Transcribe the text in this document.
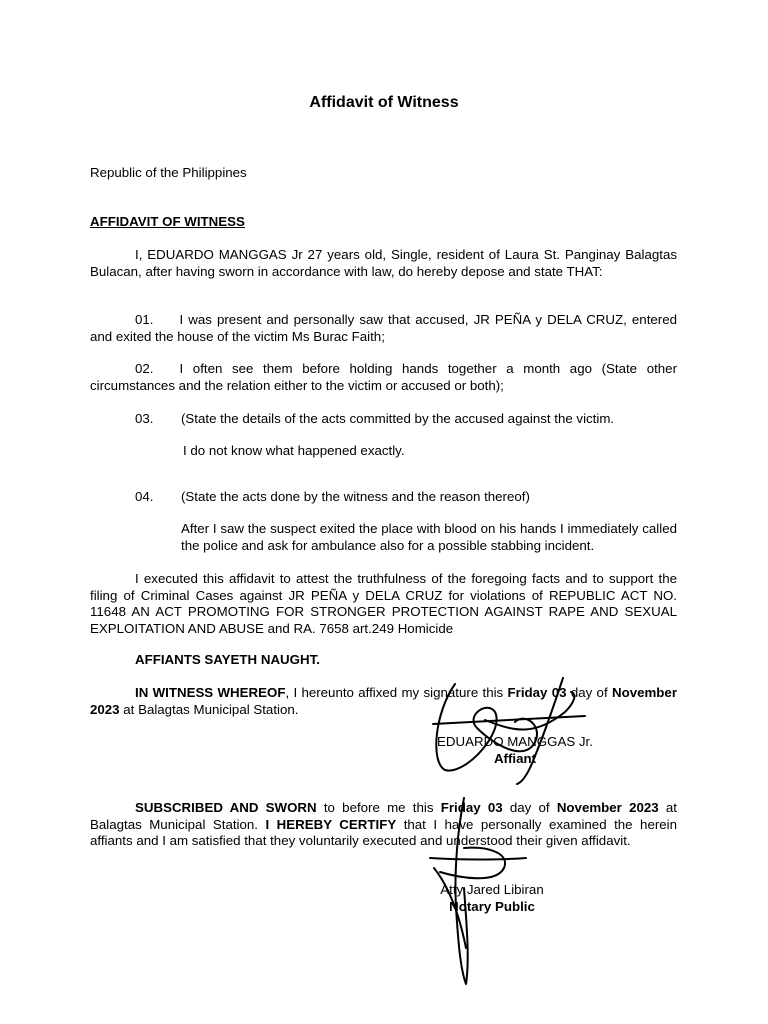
Affidavit of Witness
Republic of the Philippines
AFFIDAVIT OF WITNESS
I, EDUARDO MANGGAS Jr 27 years old, Single, resident of Laura St. Panginay Balagtas Bulacan, after having sworn in accordance with law, do hereby depose and state THAT:
01. I was present and personally saw that accused, JR PEÑA y DELA CRUZ, entered and exited the house of the victim Ms Burac Faith;
02. I often see them before holding hands together a month ago (State other circumstances and the relation either to the victim or accused or both);
03. (State the details of the acts committed by the accused against the victim.
I do not know what happened exactly.
04. (State the acts done by the witness and the reason thereof)
After I saw the suspect exited the place with blood on his hands I immediately called the police and ask for ambulance also for a possible stabbing incident.
I executed this affidavit to attest the truthfulness of the foregoing facts and to support the filing of Criminal Cases against JR PEÑA y DELA CRUZ for violations of REPUBLIC ACT NO. 11648 AN ACT PROMOTING FOR STRONGER PROTECTION AGAINST RAPE AND SEXUAL EXPLOITATION AND ABUSE and RA. 7658 art.249 Homicide
AFFIANTS SAYETH NAUGHT.
IN WITNESS WHEREOF, I hereunto affixed my signature this Friday 03 day of November 2023 at Balagtas Municipal Station.
EDUARDO MANGGAS Jr.
Affiant
SUBSCRIBED AND SWORN to before me this Friday 03 day of November 2023 at Balagtas Municipal Station. I HEREBY CERTIFY that I have personally examined the herein affiants and I am satisfied that they voluntarily executed and understood their given affidavit.
Atty Jared Libiran
Notary Public
